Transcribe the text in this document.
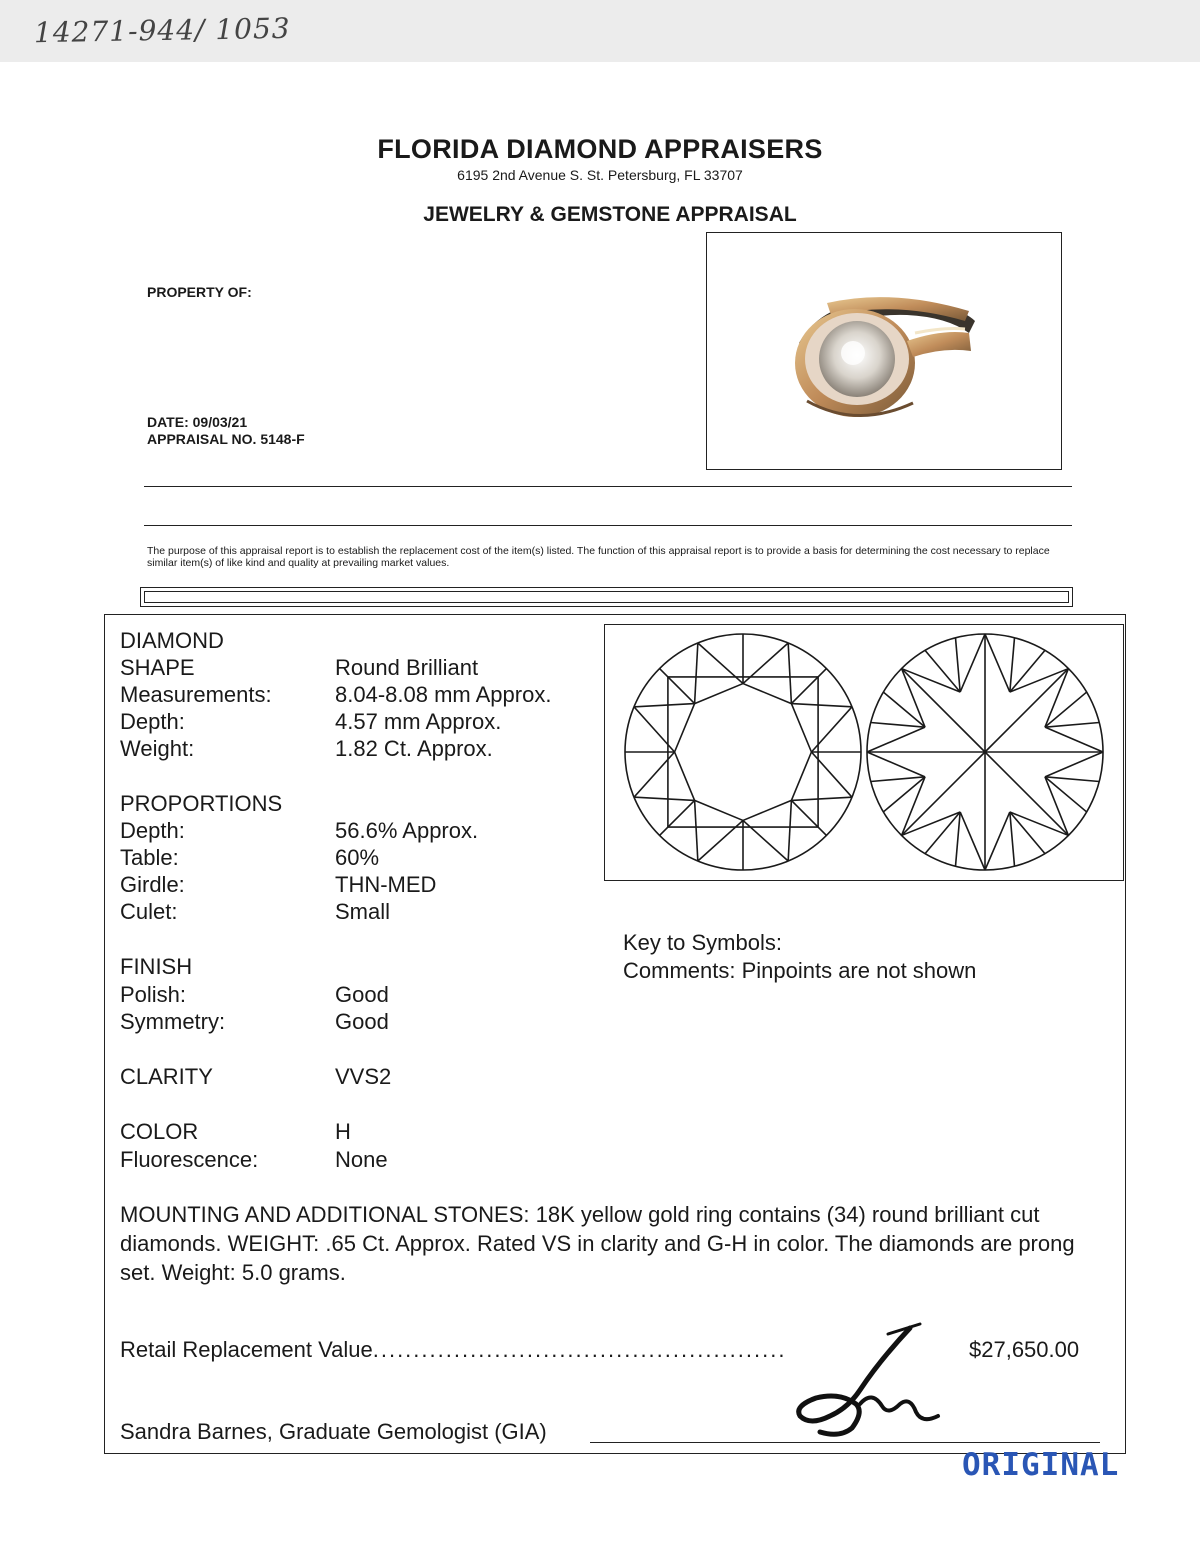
14271-944/ 1053
FLORIDA DIAMOND APPRAISERS
6195 2nd Avenue S. St. Petersburg, FL 33707
JEWELRY & GEMSTONE APPRAISAL
PROPERTY OF:
DATE: 09/03/21
APPRAISAL NO. 5148-F
The purpose of this appraisal report is to establish the replacement cost of the item(s) listed. The function of this appraisal report is to provide a basis for determining the cost necessary to replace similar item(s) of like kind and quality at prevailing market values.
DIAMOND
SHAPE	Round Brilliant
Measurements:	8.04-8.08 mm Approx.
Depth:	4.57 mm Approx.
Weight:	1.82 Ct. Approx.
PROPORTIONS
Depth:	56.6% Approx.
Table:	60%
Girdle:	THN-MED
Culet:	Small
FINISH
Polish:	Good
Symmetry:	Good
CLARITY	VVS2
COLOR	H
Fluorescence:	None
Key to Symbols:
Comments: Pinpoints are not shown
MOUNTING AND ADDITIONAL STONES: 18K yellow gold ring contains (34) round brilliant cut diamonds. WEIGHT: .65 Ct. Approx. Rated VS in clarity and G-H in color. The diamonds are prong set. Weight: 5.0 grams.
Retail Replacement Value...................................................	$27,650.00
Sandra Barnes, Graduate Gemologist (GIA)
ORIGINAL
